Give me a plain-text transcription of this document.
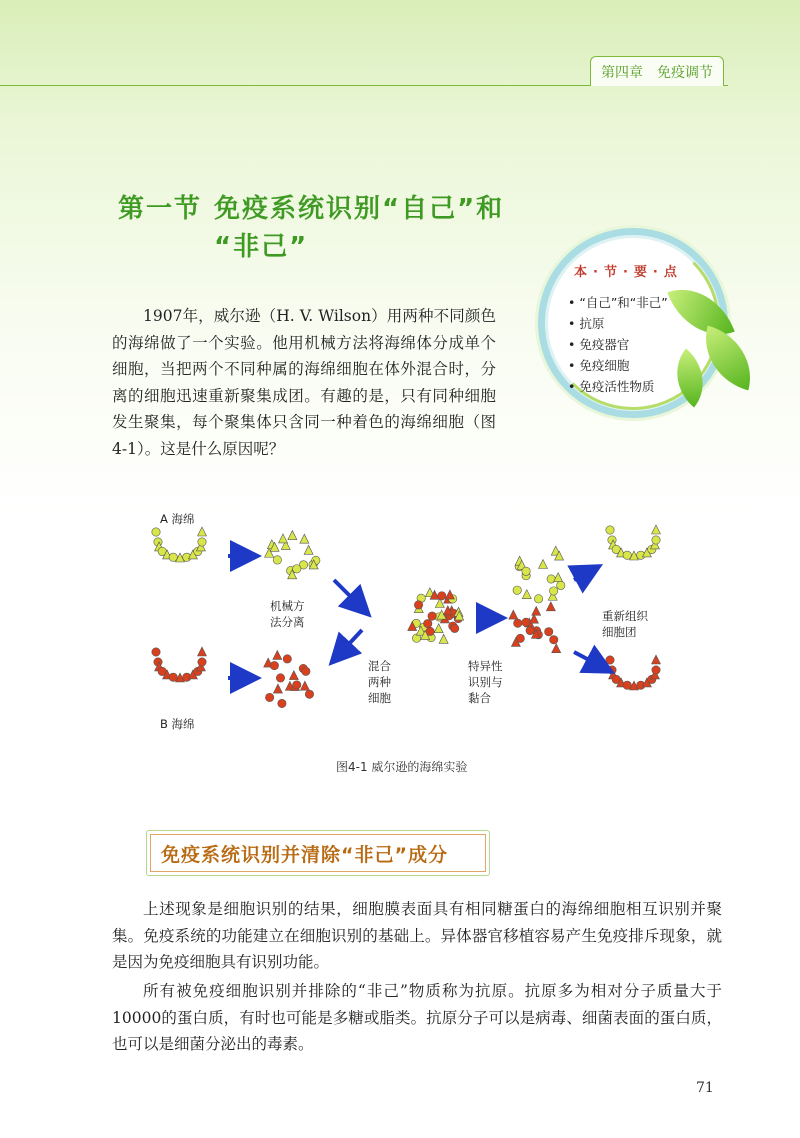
第四章 免疫调节
第一节 免疫系统识别“自己”和
“非己”
本·节·要·点
• “自己”和“非己”
• 抗原
• 免疫器官
• 免疫细胞
• 免疫活性物质

1907年，威尔逊（H. V. Wilson）用两种不同颜色的海绵做了一个实验。他用机械方法将海绵体分成单个细胞，当把两个不同种属的海绵细胞在体外混合时，分离的细胞迅速重新聚集成团。有趣的是，只有同种细胞发生聚集，每个聚集体只含同一种着色的海绵细胞（图4-1）。这是什么原因呢？

A 海绵
B 海绵
机械方 法分离
混合 两种 细胞
特异性 识别与 黏合
重新组织 细胞团
图4-1 威尔逊的海绵实验
免疫系统识别并清除“非己”成分

上述现象是细胞识别的结果，细胞膜表面具有相同糖蛋白的海绵细胞相互识别并聚集。免疫系统的功能建立在细胞识别的基础上。异体器官移植容易产生免疫排斥现象，就是因为免疫细胞具有识别功能。

所有被免疫细胞识别并排除的“非己”物质称为抗原。抗原多为相对分子质量大于10000的蛋白质，有时也可能是多糖或脂类。抗原分子可以是病毒、细菌表面的蛋白质，也可以是细菌分泌出的毒素。

71
